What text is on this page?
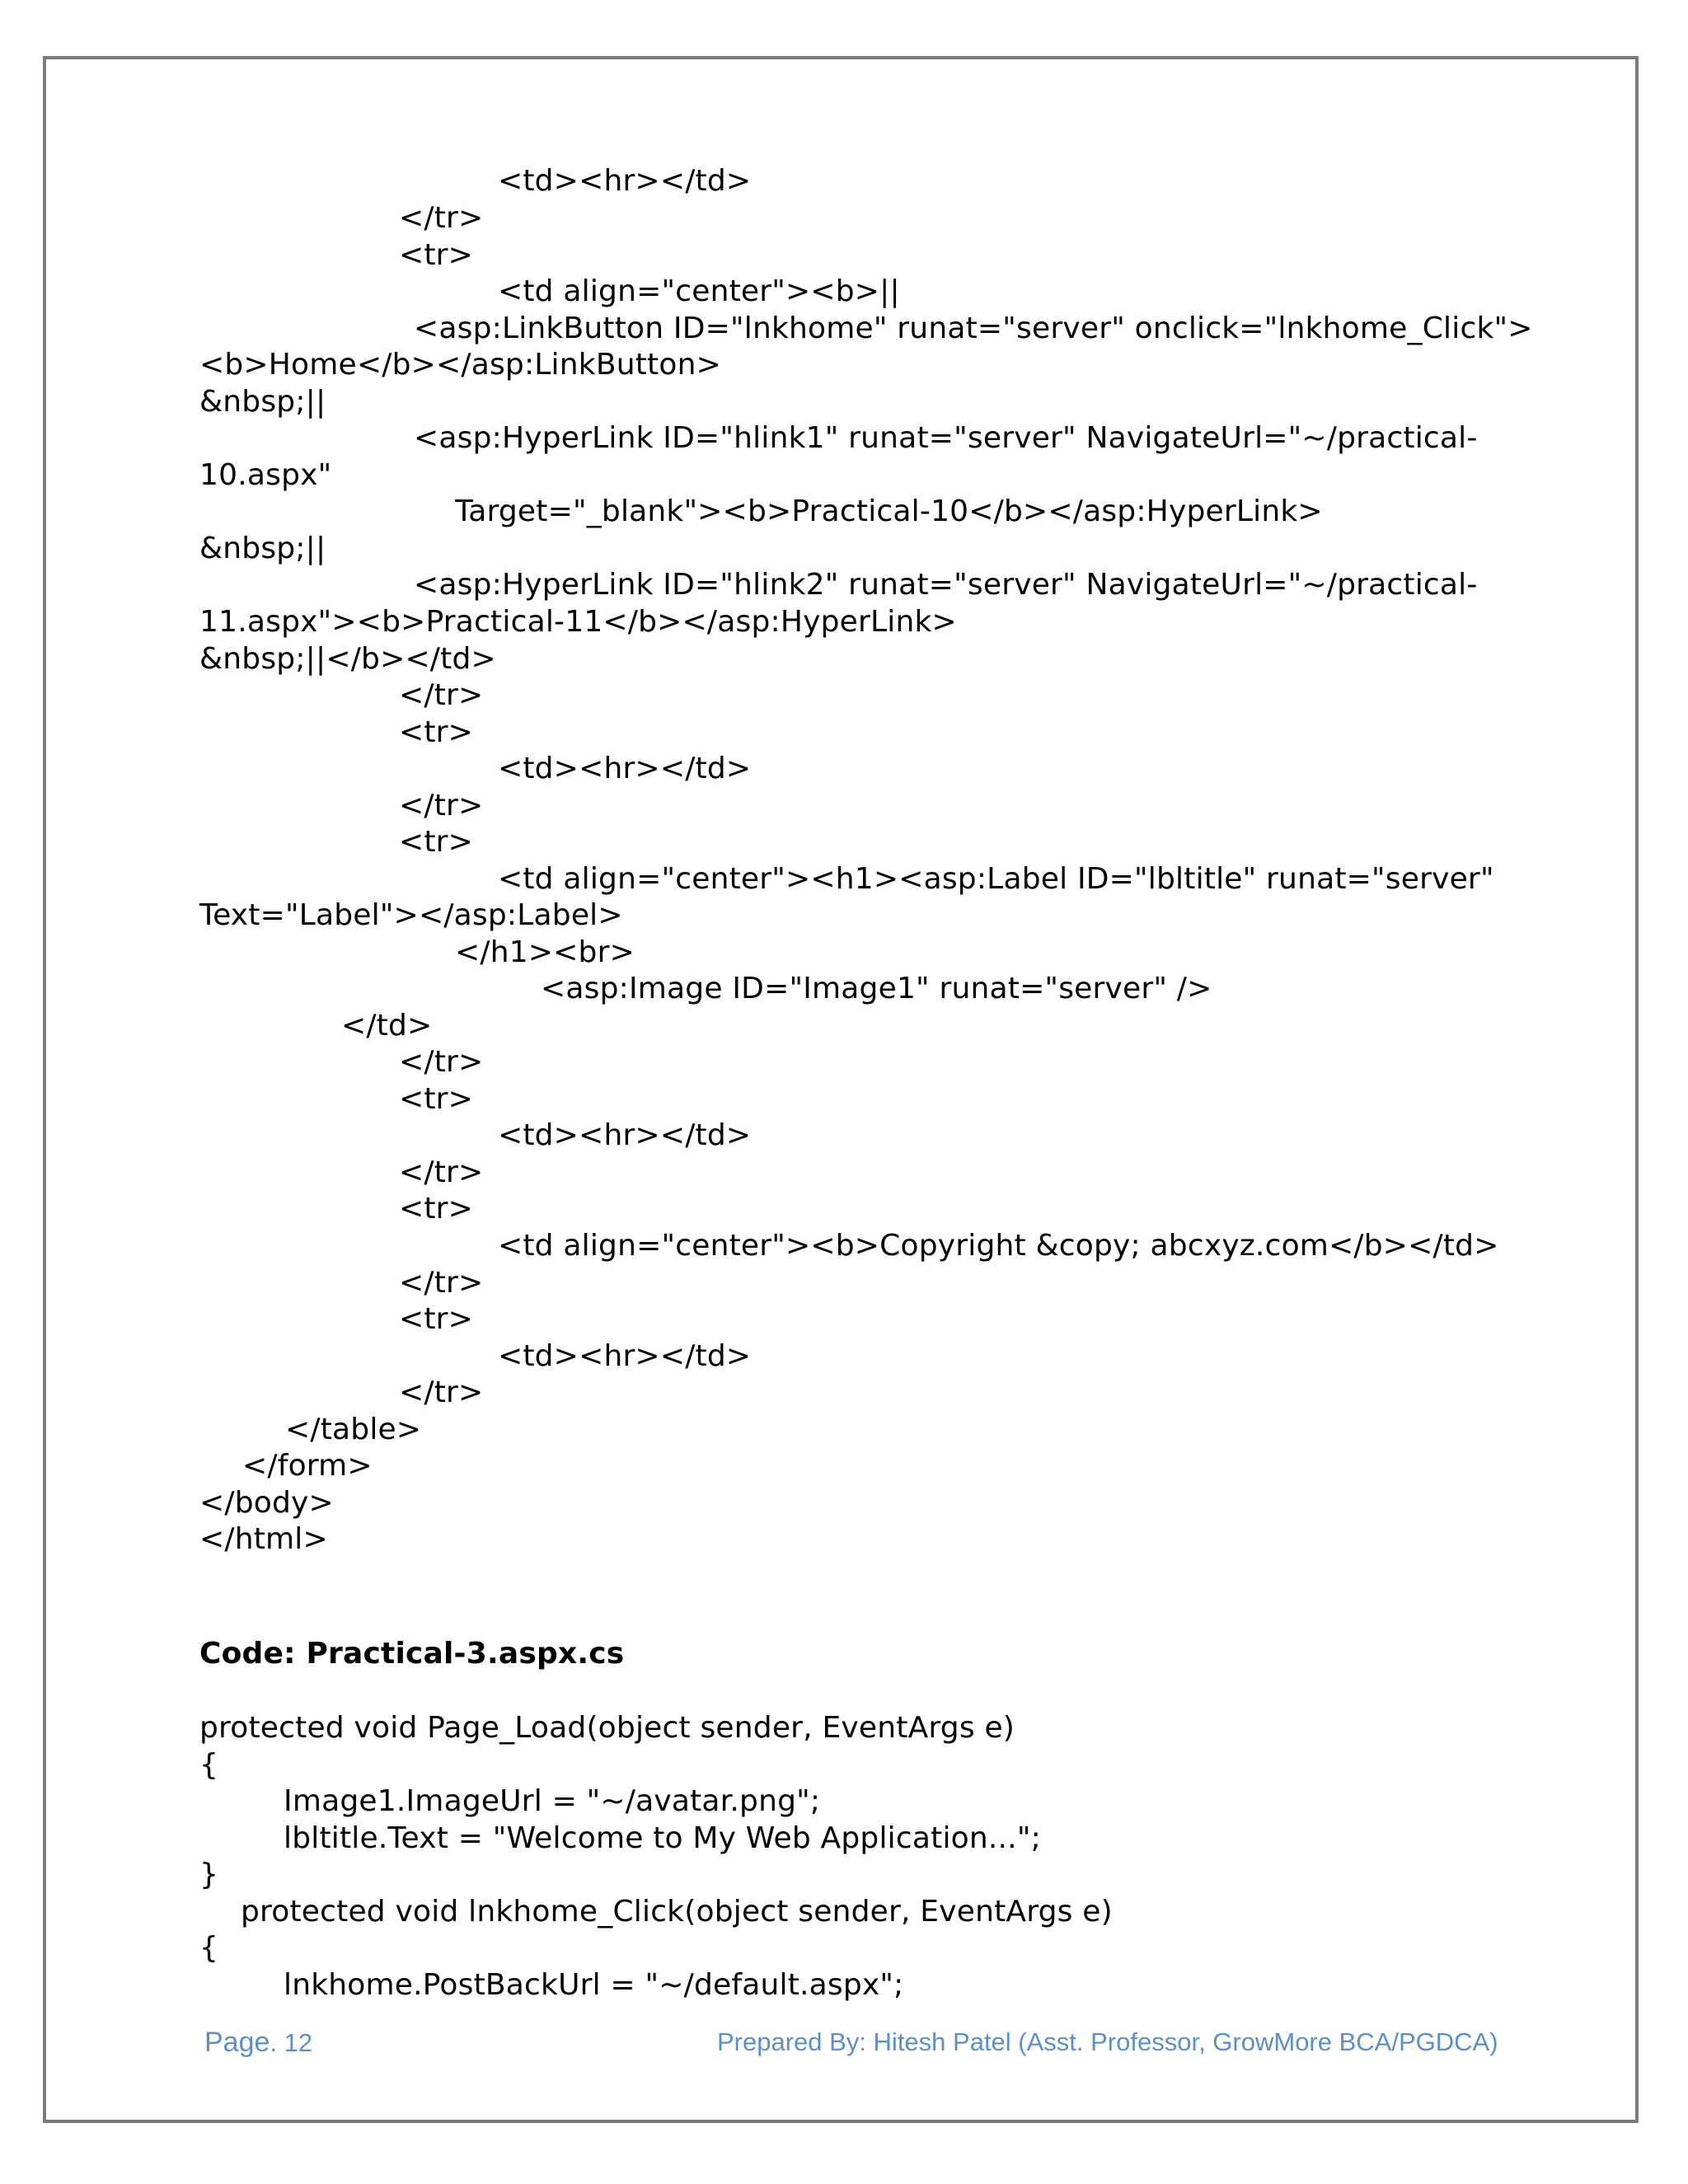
<td><hr></td>
</tr>
<tr>
<td align="center"><b>||
<asp:LinkButton ID="lnkhome" runat="server" onclick="lnkhome_Click">
<b>Home</b></asp:LinkButton>
&nbsp;||
<asp:HyperLink ID="hlink1" runat="server" NavigateUrl="~/practical-
10.aspx"
Target="_blank"><b>Practical-10</b></asp:HyperLink>
&nbsp;||
<asp:HyperLink ID="hlink2" runat="server" NavigateUrl="~/practical-
11.aspx"><b>Practical-11</b></asp:HyperLink>
&nbsp;||</b></td>
</tr>
<tr>
<td><hr></td>
</tr>
<tr>
<td align="center"><h1><asp:Label ID="lbltitle" runat="server"
Text="Label"></asp:Label>
</h1><br>
<asp:Image ID="Image1" runat="server" />
</td>
</tr>
<tr>
<td><hr></td>
</tr>
<tr>
<td align="center"><b>Copyright &copy; abcxyz.com</b></td>
</tr>
<tr>
<td><hr></td>
</tr>
</table>
</form>
</body>
</html>
Code: Practical-3.aspx.cs
protected void Page_Load(object sender, EventArgs e)
{
Image1.ImageUrl = "~/avatar.png";
lbltitle.Text = "Welcome to My Web Application...";
}
protected void lnkhome_Click(object sender, EventArgs e)
{
lnkhome.PostBackUrl = "~/default.aspx";
Page. 12	Prepared By: Hitesh Patel (Asst. Professor, GrowMore BCA/PGDCA)
